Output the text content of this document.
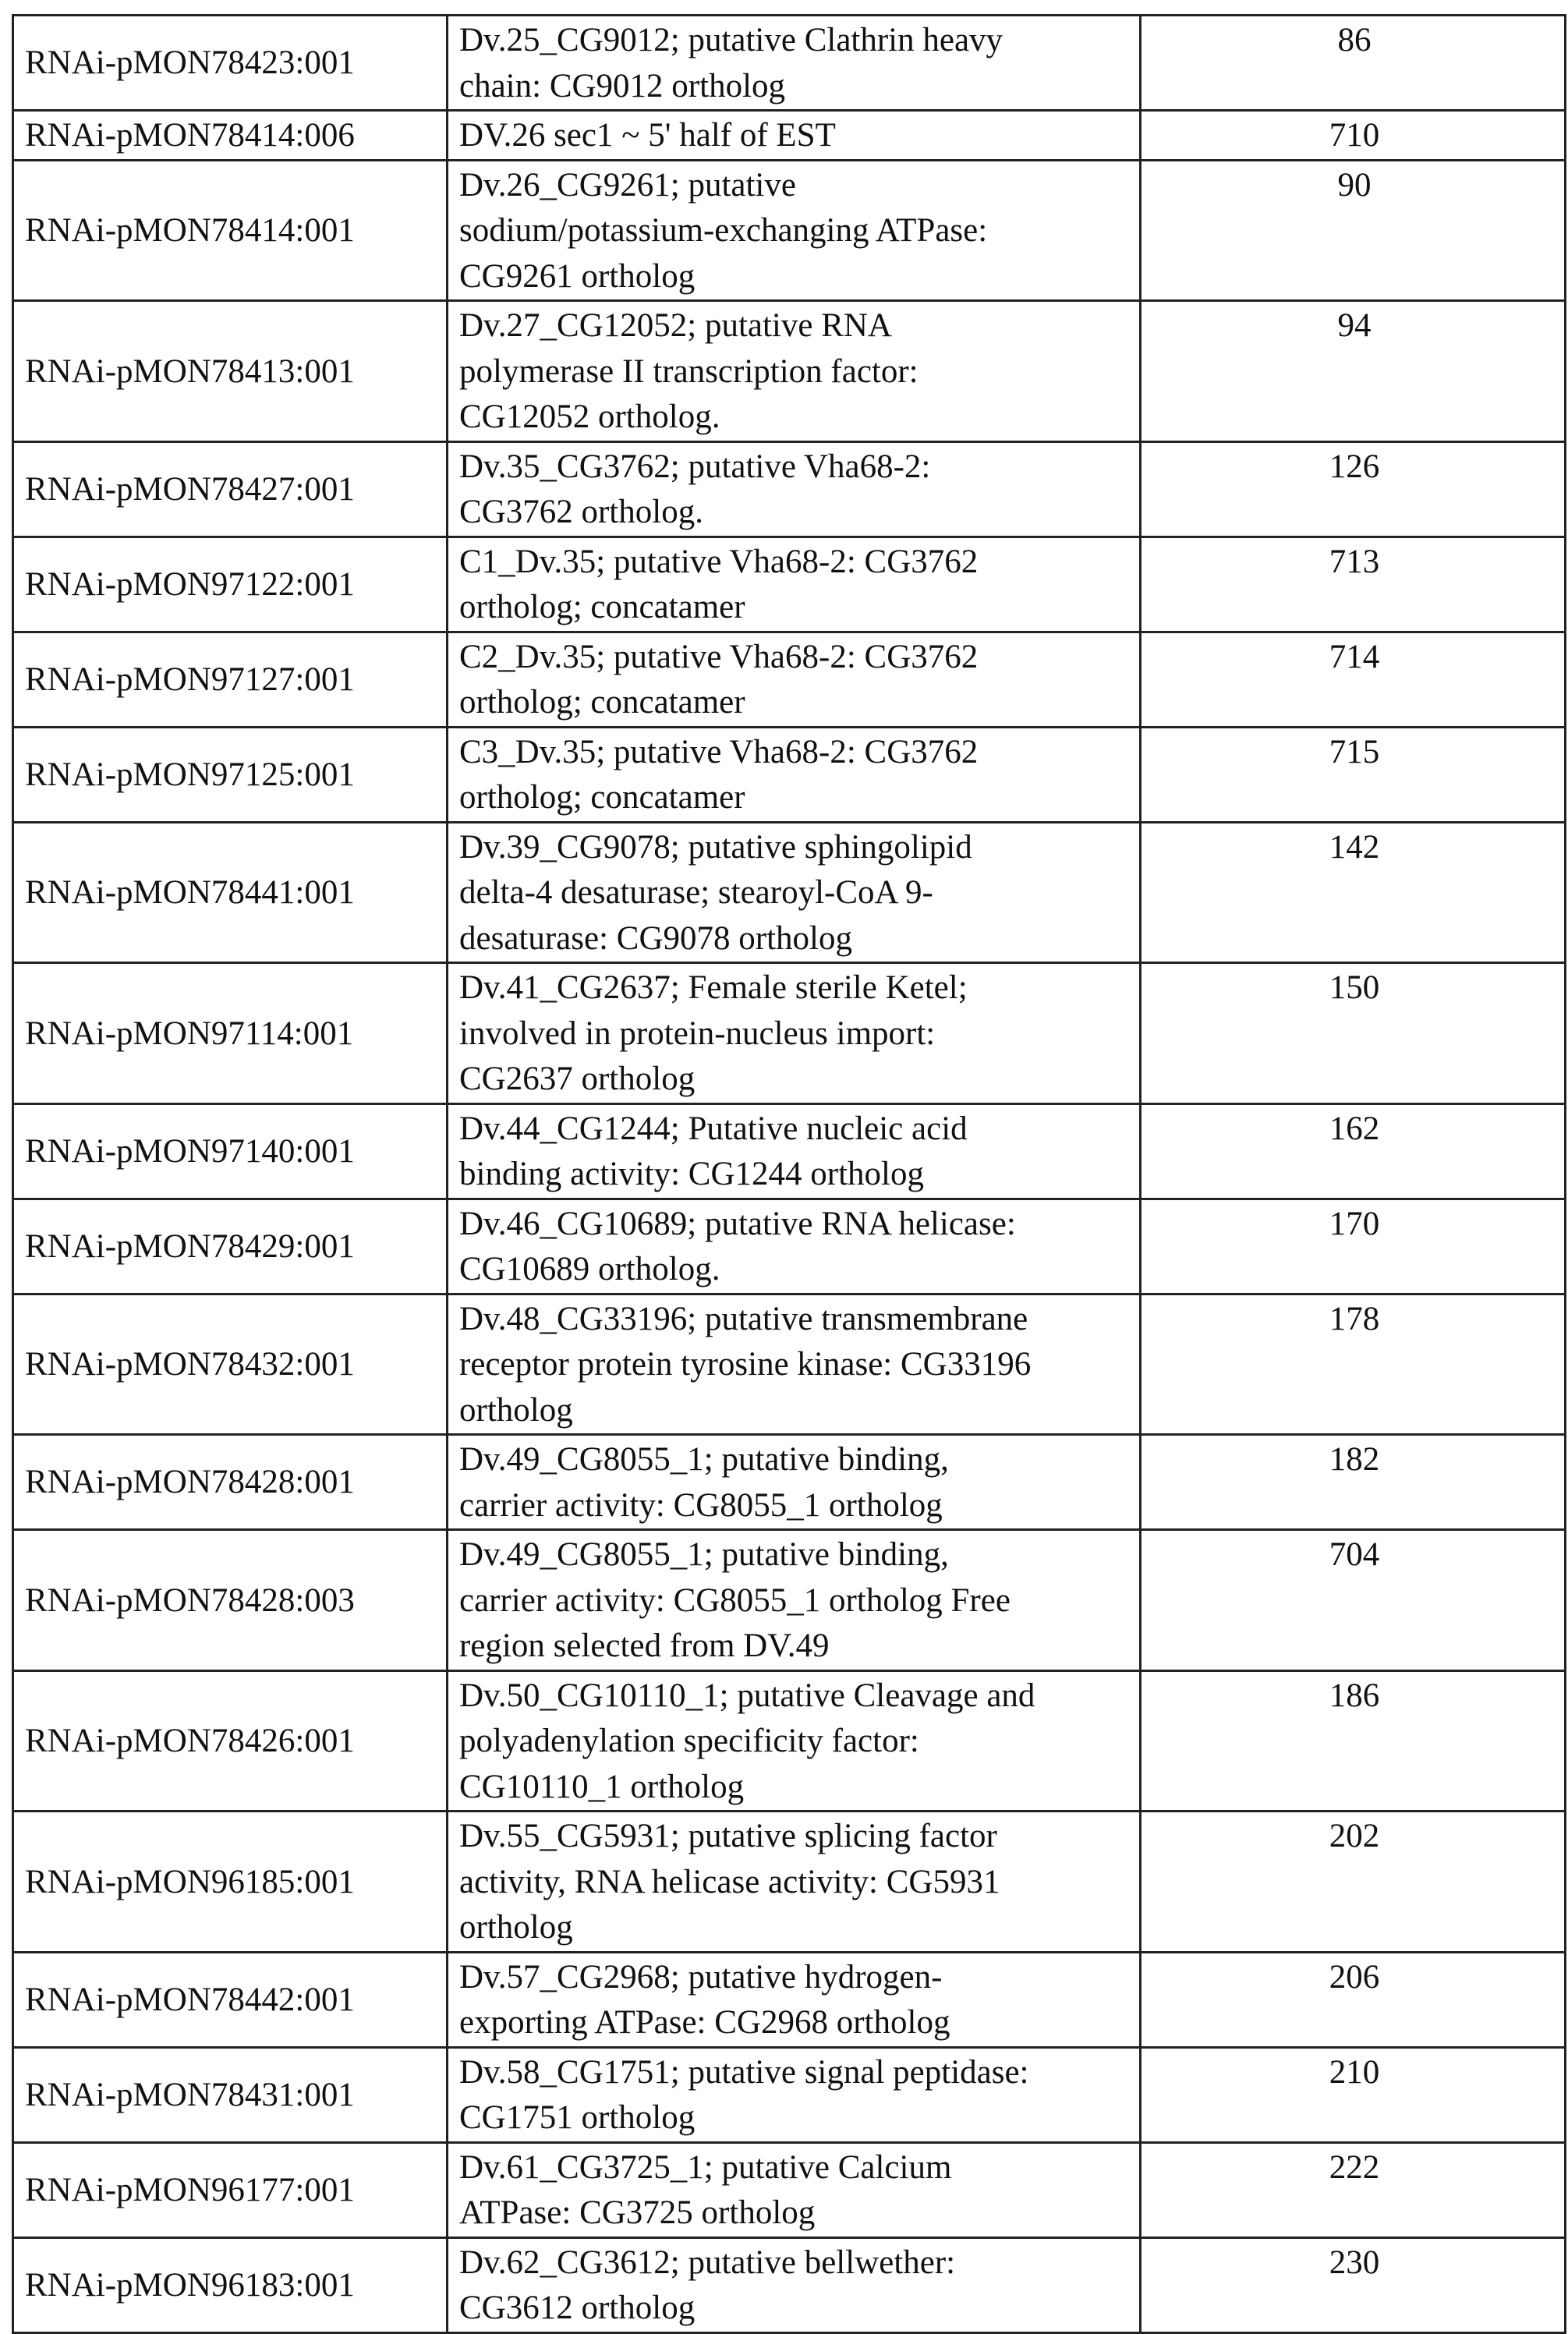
RNAi-pMON78423:001	
Dv.25_CG9012; putative Clathrin heavy
chain: CG9012 ortholog
	86
RNAi-pMON78414:006	DV.26 sec1 ~ 5' half of EST	710
RNAi-pMON78414:001	
Dv.26_CG9261; putative
sodium/potassium-exchanging ATPase:
CG9261 ortholog
	90
RNAi-pMON78413:001	
Dv.27_CG12052; putative RNA
polymerase II transcription factor:
CG12052 ortholog.
	94
RNAi-pMON78427:001	
Dv.35_CG3762; putative Vha68-2:
CG3762 ortholog.
	126
RNAi-pMON97122:001	
C1_Dv.35; putative Vha68-2: CG3762
ortholog; concatamer
	713
RNAi-pMON97127:001	
C2_Dv.35; putative Vha68-2: CG3762
ortholog; concatamer
	714
RNAi-pMON97125:001	
C3_Dv.35; putative Vha68-2: CG3762
ortholog; concatamer
	715
RNAi-pMON78441:001	
Dv.39_CG9078; putative sphingolipid
delta-4 desaturase; stearoyl-CoA 9-
desaturase: CG9078 ortholog
	142
RNAi-pMON97114:001	
Dv.41_CG2637; Female sterile Ketel;
involved in protein-nucleus import:
CG2637 ortholog
	150
RNAi-pMON97140:001	
Dv.44_CG1244; Putative nucleic acid
binding activity: CG1244 ortholog
	162
RNAi-pMON78429:001	
Dv.46_CG10689; putative RNA helicase:
CG10689 ortholog.
	170
RNAi-pMON78432:001	
Dv.48_CG33196; putative transmembrane
receptor protein tyrosine kinase: CG33196
ortholog
	178
RNAi-pMON78428:001	
Dv.49_CG8055_1; putative binding,
carrier activity: CG8055_1 ortholog
	182
RNAi-pMON78428:003	
Dv.49_CG8055_1; putative binding,
carrier activity: CG8055_1 ortholog Free
region selected from DV.49
	704
RNAi-pMON78426:001	
Dv.50_CG10110_1; putative Cleavage and
polyadenylation specificity factor:
CG10110_1 ortholog
	186
RNAi-pMON96185:001	
Dv.55_CG5931; putative splicing factor
activity, RNA helicase activity: CG5931
ortholog
	202
RNAi-pMON78442:001	
Dv.57_CG2968; putative hydrogen-
exporting ATPase: CG2968 ortholog
	206
RNAi-pMON78431:001	
Dv.58_CG1751; putative signal peptidase:
CG1751 ortholog
	210
RNAi-pMON96177:001	
Dv.61_CG3725_1; putative Calcium
ATPase: CG3725 ortholog
	222
RNAi-pMON96183:001	
Dv.62_CG3612; putative bellwether:
CG3612 ortholog
	230
